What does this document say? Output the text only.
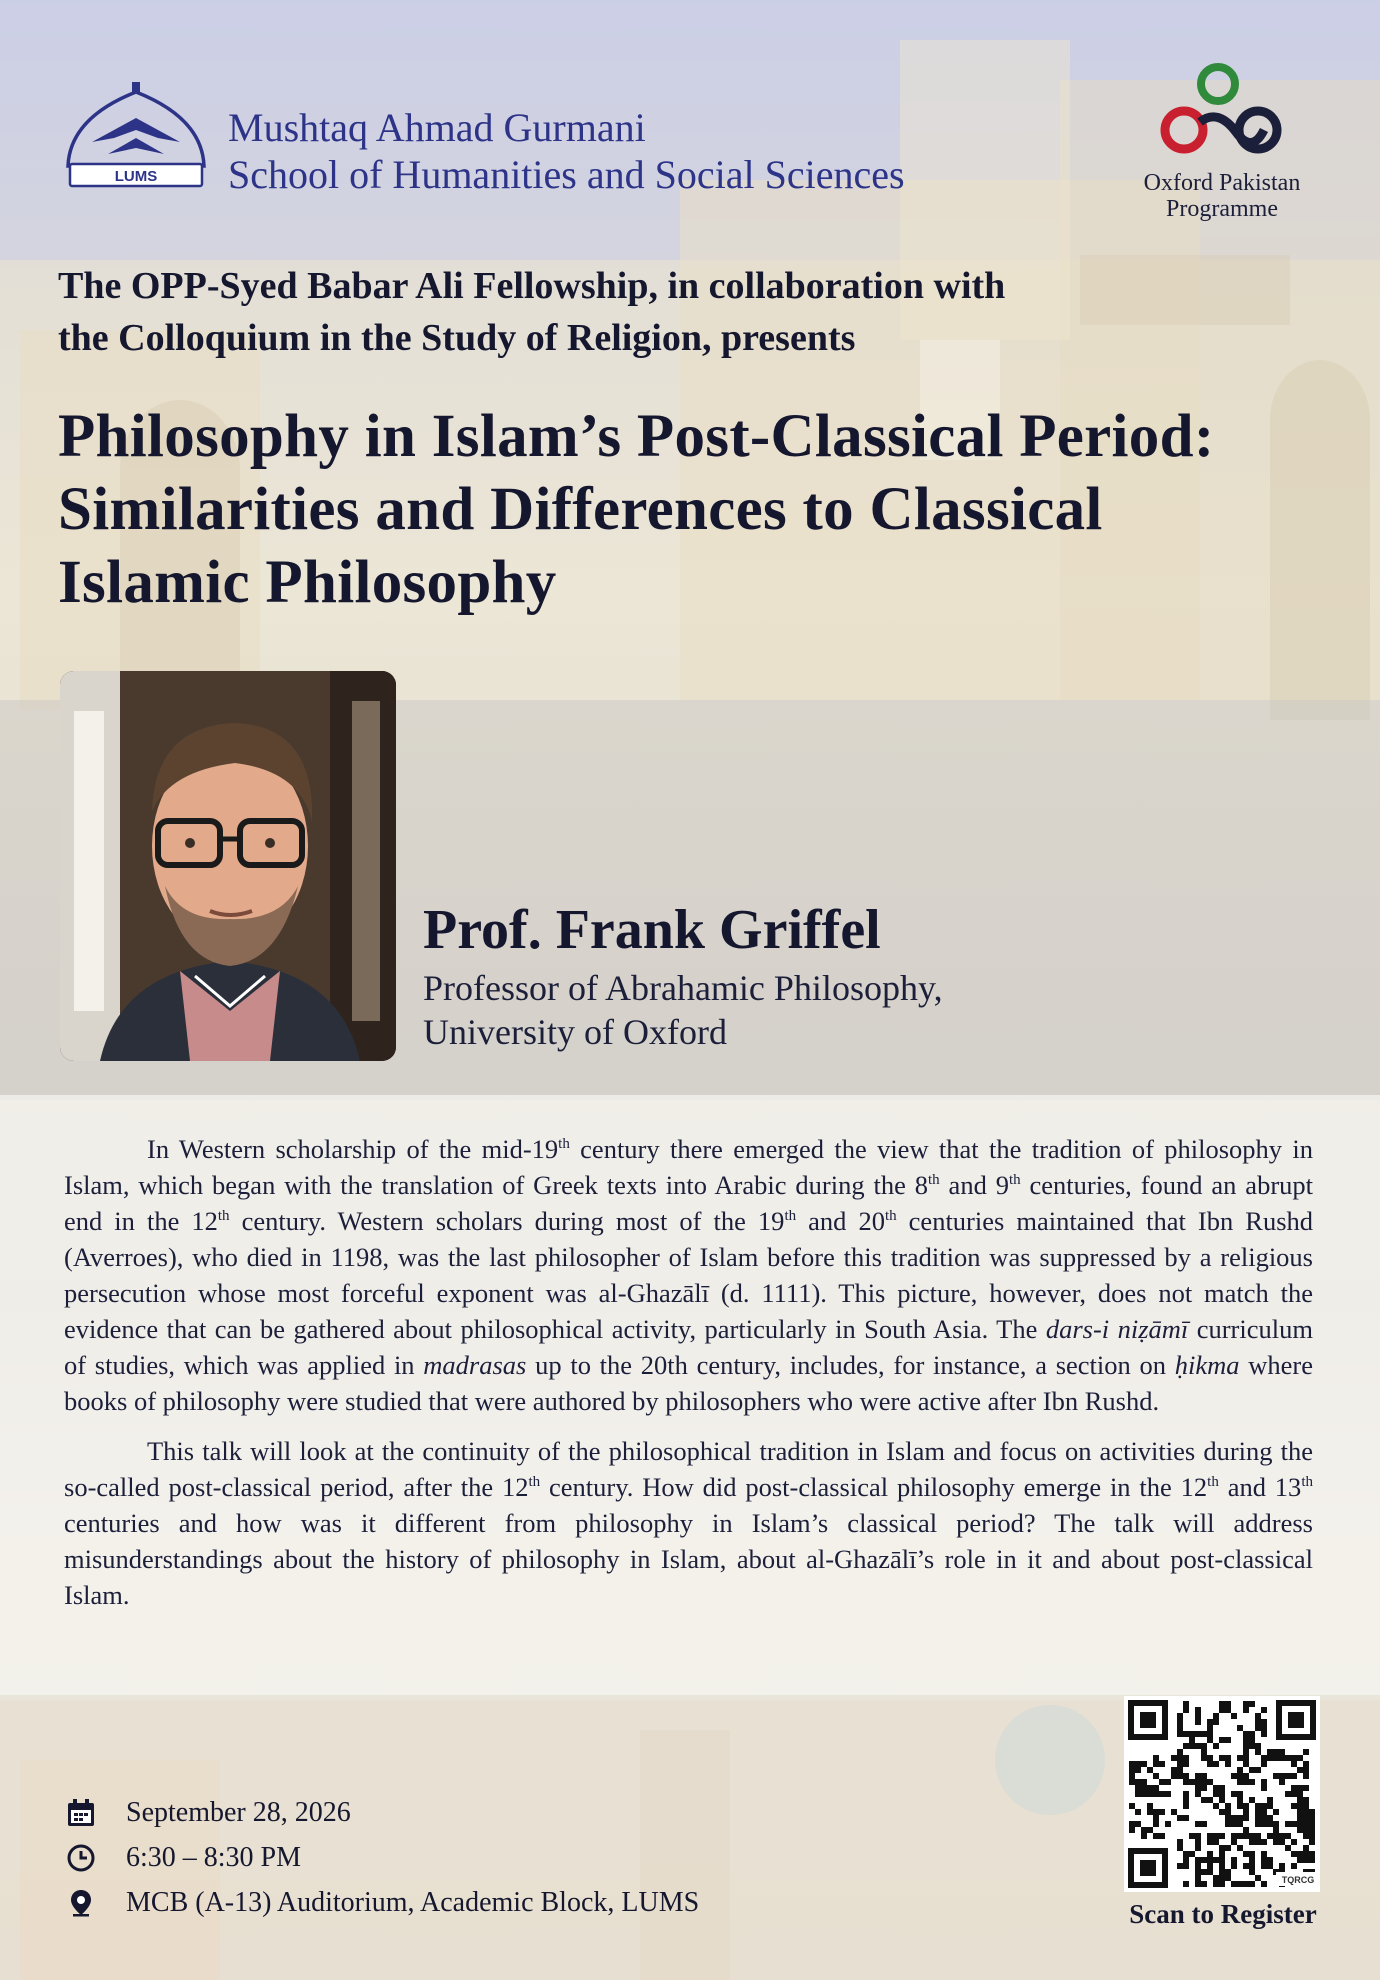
LUMS
Mushtaq Ahmad Gurmani
School of Humanities and Social Sciences	Oxford Pakistan
Programme
The OPP-Syed Babar Ali Fellowship, in collaboration with
the Colloquium in the Study of Religion, presents
Philosophy in Islam’s Post-Classical Period:
Similarities and Differences to Classical
Islamic Philosophy
Prof. Frank Griffel
Professor of Abrahamic Philosophy,
University of Oxford

In Western scholarship of the mid-19th century there emerged the view that the tradition of philosophy in Islam, which began with the translation of Greek texts into Arabic during the 8th and 9th centuries, found an abrupt end in the 12th century. Western scholars during most of the 19th and 20th centuries maintained that Ibn Rushd (Averroes), who died in 1198, was the last philosopher of Islam before this tradition was suppressed by a religious persecution whose most forceful exponent was al-Ghazālī (d. 1111). This picture, however, does not match the evidence that can be gathered about philosophical activity, particularly in South Asia. The dars-i niẓāmī curriculum of studies, which was applied in madrasas up to the 20th century, includes, for instance, a section on ḥikma where books of philosophy were studied that were authored by philosophers who were active after Ibn Rushd.

This talk will look at the continuity of the philosophical tradition in Islam and focus on activities during the so-called post-classical period, after the 12th century. How did post-classical philosophy emerge in the 12th and 13th centuries and how was it different from philosophy in Islam’s classical period? The talk will address misunderstandings about the history of philosophy in Islam, about al-Ghazālī’s role in it and about post-classical Islam.

September 28, 2026
6:30 – 8:30 PM
MCB (A-13) Auditorium, Academic Block, LUMS
TQRCG
Scan to Register
